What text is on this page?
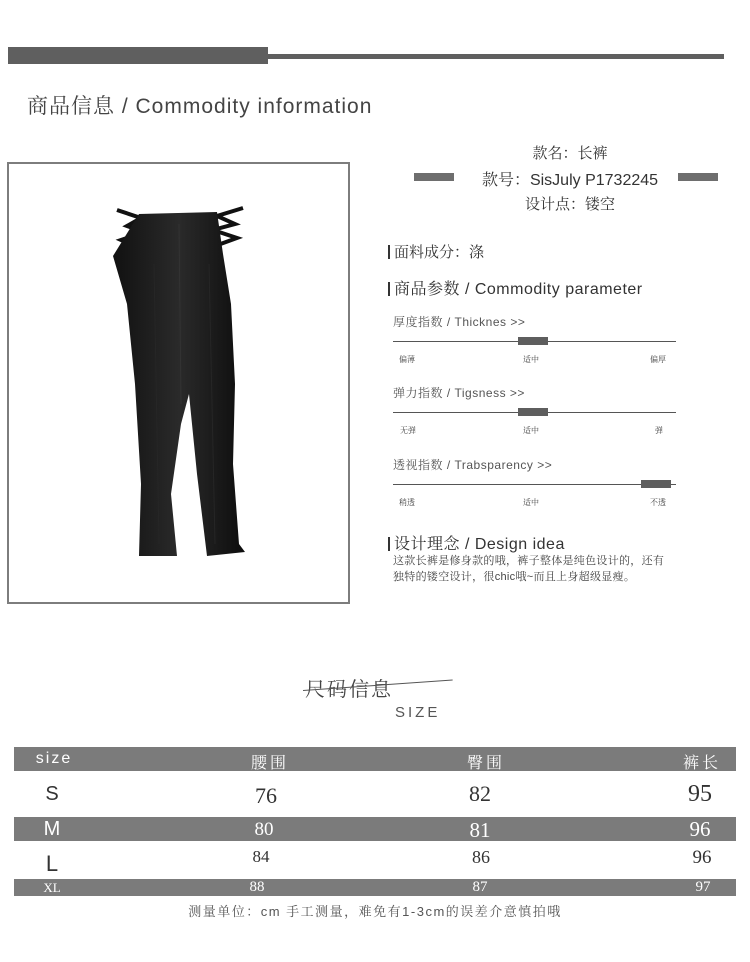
商品信息 / Commodity information
款名：长裤
款号：SisJuly P1732245
设计点：镂空
面料成分：涤
商品参数 / Commodity parameter
厚度指数 / Thicknes >>
偏薄	适中	偏厚
弹力指数 / Tigsness >>
无弹	适中	弹
透视指数 / Trabsparency >>
稍透	适中	不透
设计理念 / Design idea
这款长裤是修身款的哦，裤子整体是纯色设计的，还有
独特的镂空设计，很chic哦~而且上身超级显瘦。
尺码信息
SIZE
size	腰围	臀围	裤长
S	76	82	95
M	80	81	96
L	84	86	96
XL	88	87	97
测量单位：cm 手工测量，难免有1-3cm的误差介意慎拍哦
